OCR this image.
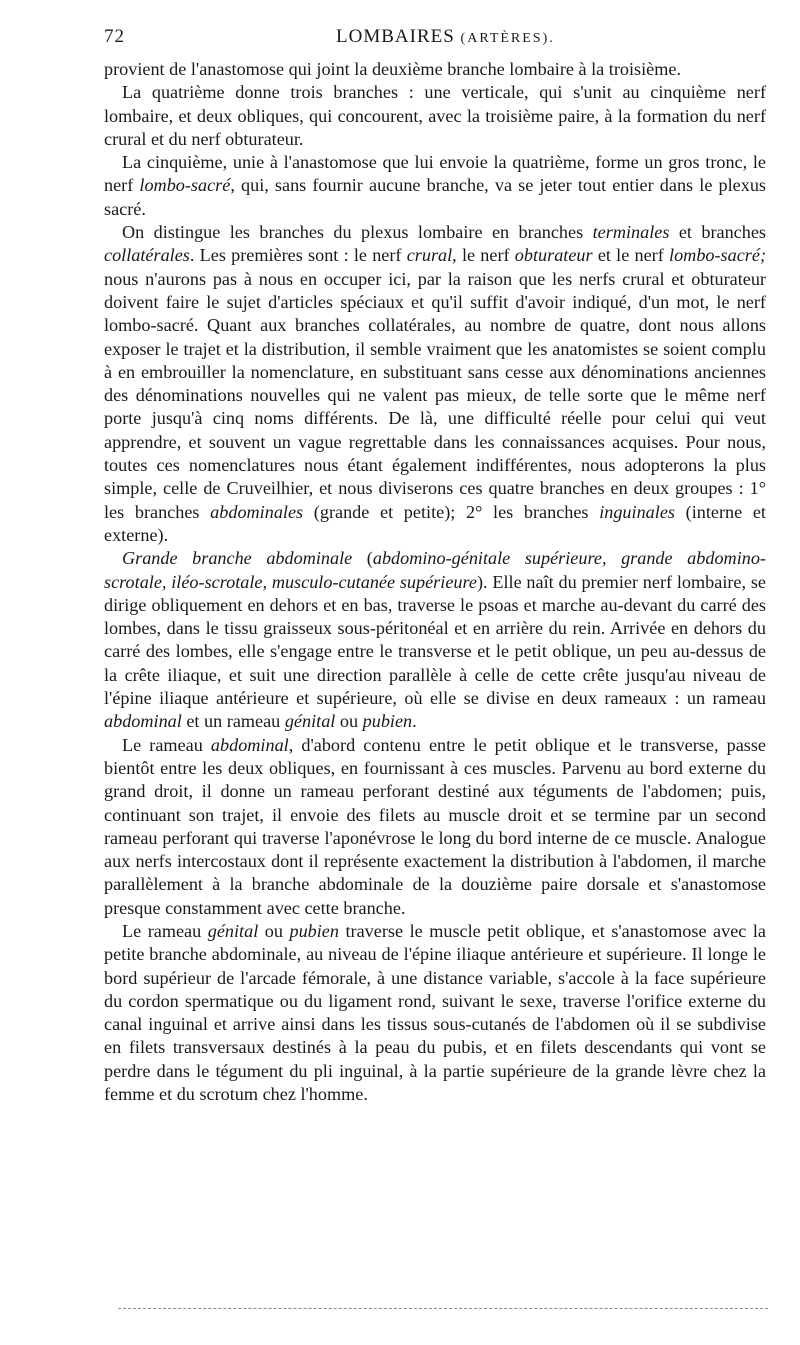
72	LOMBAIRES (ARTÈRES).

provient de l'anastomose qui joint la deuxième branche lombaire à la troisième.

La quatrième donne trois branches : une verticale, qui s'unit au cinquième nerf lombaire, et deux obliques, qui concourent, avec la troisième paire, à la formation du nerf crural et du nerf obturateur.

La cinquième, unie à l'anastomose que lui envoie la quatrième, forme un gros tronc, le nerf lombo-sacré, qui, sans fournir aucune branche, va se jeter tout entier dans le plexus sacré.

On distingue les branches du plexus lombaire en branches terminales et branches collatérales. Les premières sont : le nerf crural, le nerf obturateur et le nerf lombo-sacré; nous n'aurons pas à nous en occuper ici, par la raison que les nerfs crural et obturateur doivent faire le sujet d'articles spéciaux et qu'il suffit d'avoir indiqué, d'un mot, le nerf lombo-sacré. Quant aux branches collatérales, au nombre de quatre, dont nous allons exposer le trajet et la distribution, il semble vraiment que les anatomistes se soient complu à en embrouiller la nomenclature, en substituant sans cesse aux dénominations anciennes des dénominations nouvelles qui ne valent pas mieux, de telle sorte que le même nerf porte jusqu'à cinq noms différents. De là, une difficulté réelle pour celui qui veut apprendre, et souvent un vague regrettable dans les connaissances acquises. Pour nous, toutes ces nomenclatures nous étant également indifférentes, nous adopterons la plus simple, celle de Cruveilhier, et nous diviserons ces quatre branches en deux groupes : 1° les branches abdominales (grande et petite); 2° les branches inguinales (interne et externe).

Grande branche abdominale (abdomino-génitale supérieure, grande abdomino-scrotale, iléo-scrotale, musculo-cutanée supérieure). Elle naît du premier nerf lombaire, se dirige obliquement en dehors et en bas, traverse le psoas et marche au-devant du carré des lombes, dans le tissu graisseux sous-péritonéal et en arrière du rein. Arrivée en dehors du carré des lombes, elle s'engage entre le transverse et le petit oblique, un peu au-dessus de la crête iliaque, et suit une direction parallèle à celle de cette crête jusqu'au niveau de l'épine iliaque antérieure et supérieure, où elle se divise en deux rameaux : un rameau abdominal et un rameau génital ou pubien.

Le rameau abdominal, d'abord contenu entre le petit oblique et le transverse, passe bientôt entre les deux obliques, en fournissant à ces muscles. Parvenu au bord externe du grand droit, il donne un rameau perforant destiné aux téguments de l'abdomen; puis, continuant son trajet, il envoie des filets au muscle droit et se termine par un second rameau perforant qui traverse l'aponévrose le long du bord interne de ce muscle. Analogue aux nerfs intercostaux dont il représente exactement la distribution à l'abdomen, il marche parallèlement à la branche abdominale de la douzième paire dorsale et s'anastomose presque constamment avec cette branche.

Le rameau génital ou pubien traverse le muscle petit oblique, et s'anastomose avec la petite branche abdominale, au niveau de l'épine iliaque antérieure et supérieure. Il longe le bord supérieur de l'arcade fémorale, à une distance variable, s'accole à la face supérieure du cordon spermatique ou du ligament rond, suivant le sexe, traverse l'orifice externe du canal inguinal et arrive ainsi dans les tissus sous-cutanés de l'abdomen où il se subdivise en filets transversaux destinés à la peau du pubis, et en filets descendants qui vont se perdre dans le tégument du pli inguinal, à la partie supérieure de la grande lèvre chez la femme et du scrotum chez l'homme.
